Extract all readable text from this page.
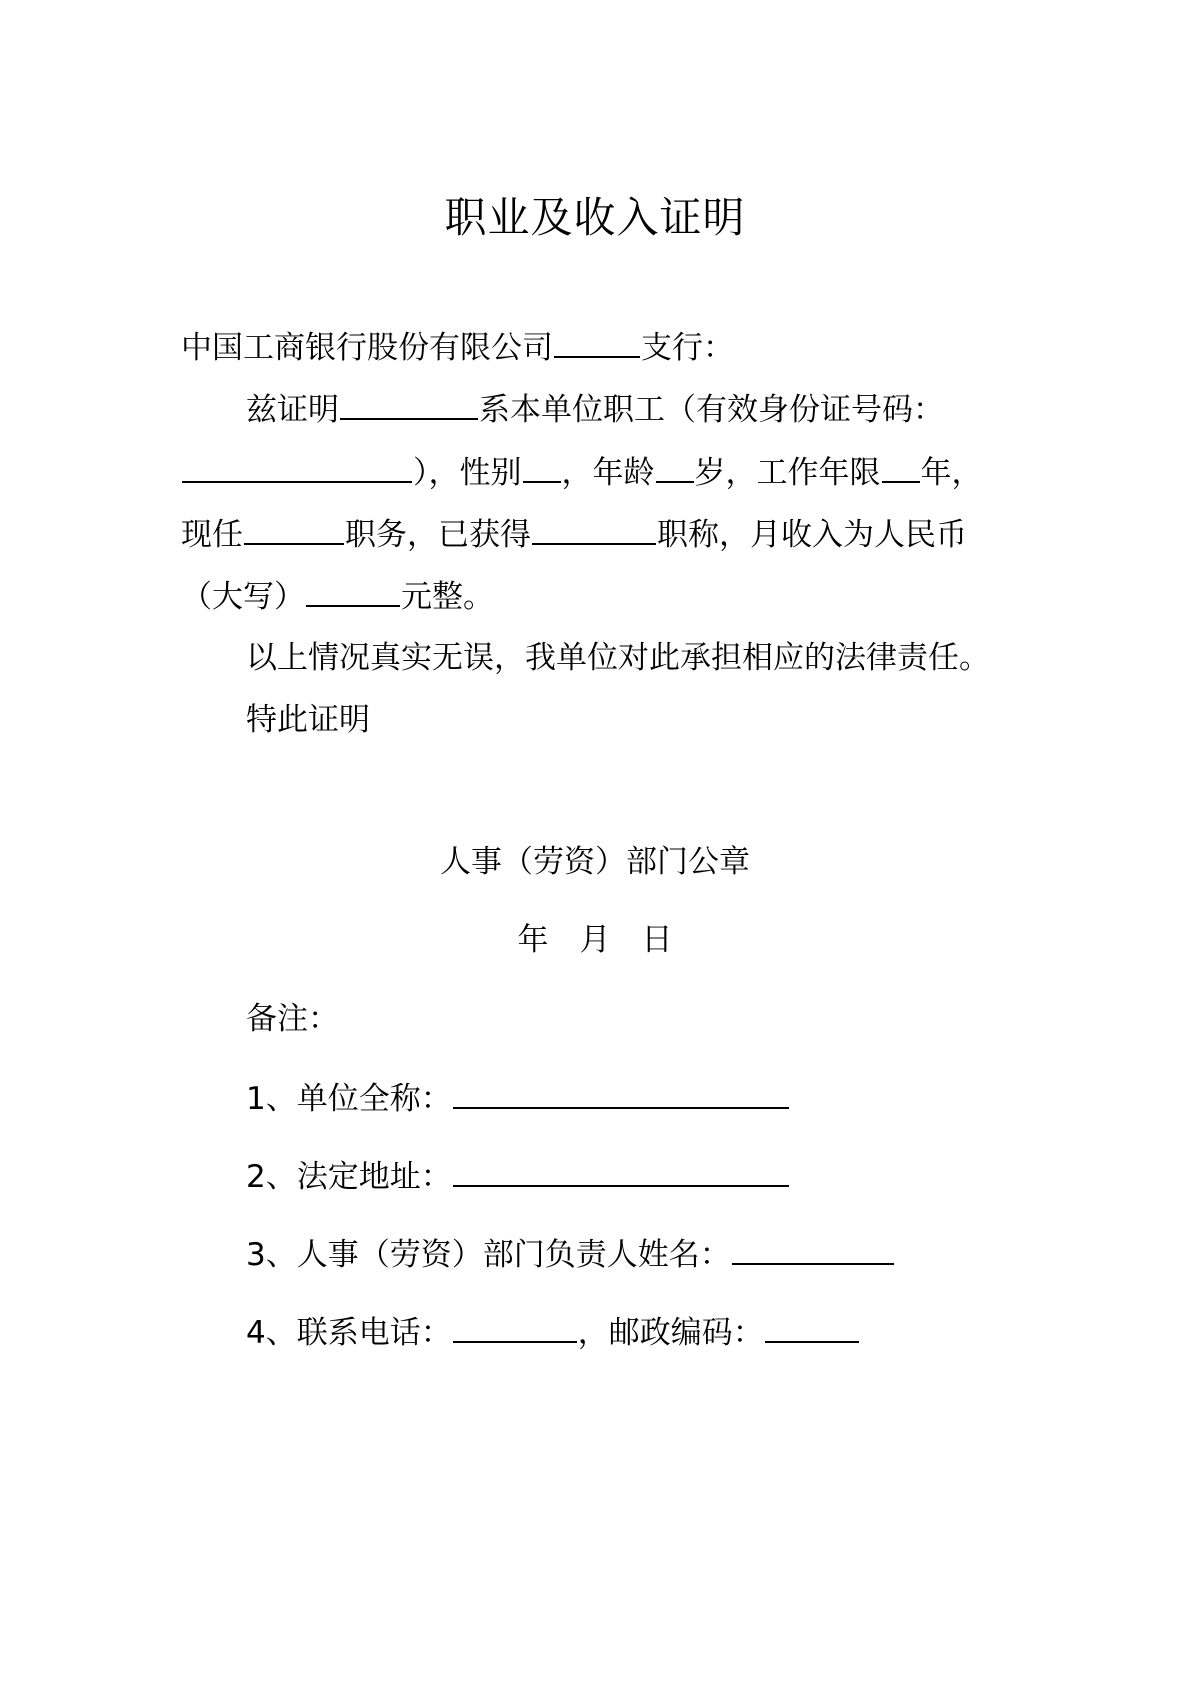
职业及收入证明
中国工商银行股份有限公司	支行：
兹证明	系本单位职工（有效身份证号码：
），性别 ，年龄 岁，工作年限 年，
现任	职务，已获得	职称，月收入为人民币
（大写）	元整。
以上情况真实无误，我单位对此承担相应的法律责任。
特此证明
人事（劳资）部门公章
年　月　日
备注：
1、单位全称：
2、法定地址：
3、人事（劳资）部门负责人姓名：
4、联系电话：	，邮政编码：
